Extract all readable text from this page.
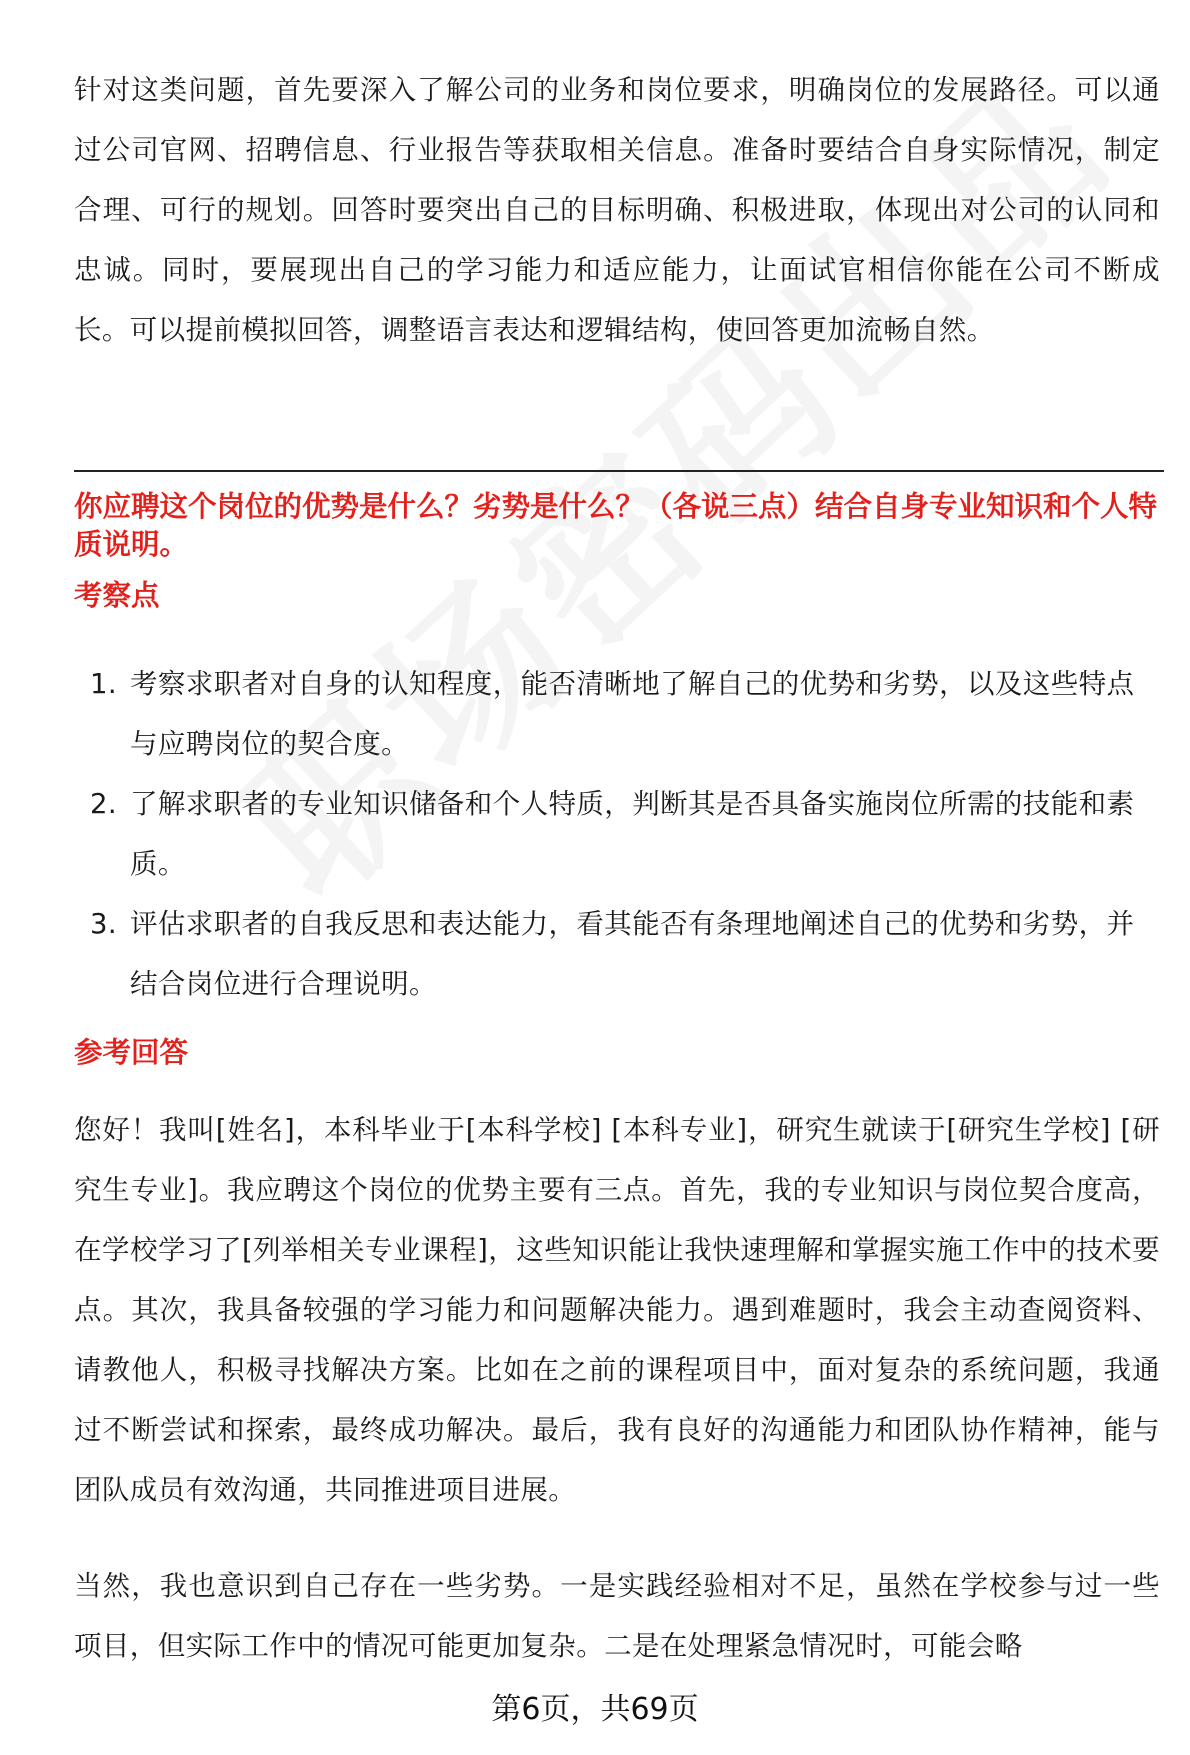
针对这类问题，首先要深入了解公司的业务和岗位要求，明确岗位的发展路径。可以通过公司官网、招聘信息、行业报告等获取相关信息。准备时要结合自身实际情况，制定合理、可行的规划。回答时要突出自己的目标明确、积极进取，体现出对公司的认同和忠诚。同时，要展现出自己的学习能力和适应能力，让面试官相信你能在公司不断成长。可以提前模拟回答，调整语言表达和逻辑结构，使回答更加流畅自然。

你应聘这个岗位的优势是什么？劣势是什么？（各说三点）结合自身专业知识和个人特质说明。

考察点

1. 考察求职者对自身的认知程度，能否清晰地了解自己的优势和劣势，以及这些特点与应聘岗位的契合度。
2. 了解求职者的专业知识储备和个人特质，判断其是否具备实施岗位所需的技能和素质。
3. 评估求职者的自我反思和表达能力，看其能否有条理地阐述自己的优势和劣势，并结合岗位进行合理说明。

参考回答

您好！我叫[姓名]，本科毕业于[本科学校] [本科专业]，研究生就读于[研究生学校] [研究生专业]。我应聘这个岗位的优势主要有三点。首先，我的专业知识与岗位契合度高，在学校学习了[列举相关专业课程]，这些知识能让我快速理解和掌握实施工作中的技术要点。其次，我具备较强的学习能力和问题解决能力。遇到难题时，我会主动查阅资料、请教他人，积极寻找解决方案。比如在之前的课程项目中，面对复杂的系统问题，我通过不断尝试和探索，最终成功解决。最后，我有良好的沟通能力和团队协作精神，能与团队成员有效沟通，共同推进项目进展。

当然，我也意识到自己存在一些劣势。一是实践经验相对不足，虽然在学校参与过一些项目，但实际工作中的情况可能更加复杂。二是在处理紧急情况时，可能会略

第6页，共69页
